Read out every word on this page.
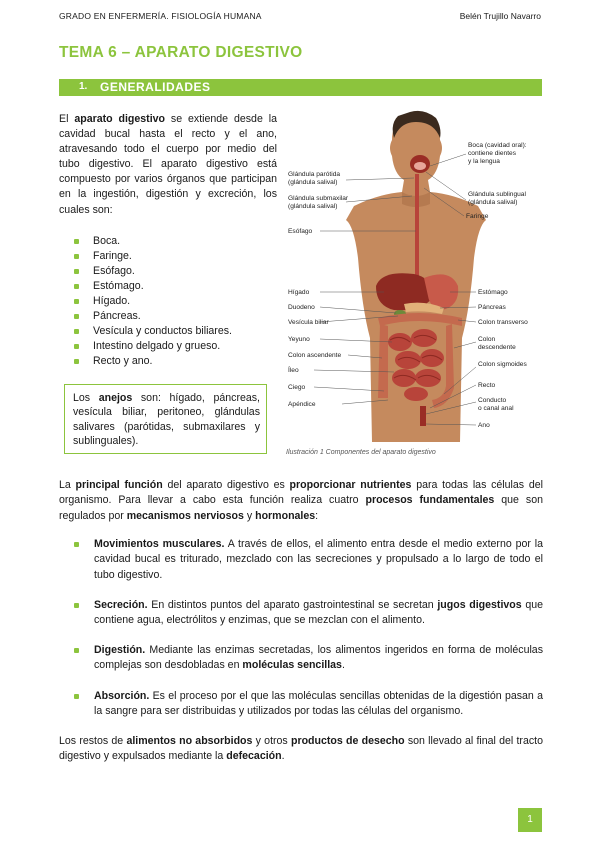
GRADO EN ENFERMERÍA. FISIOLOGÍA HUMANA	Belén Trujillo Navarro
TEMA 6 – APARATO DIGESTIVO
1. GENERALIDADES
El aparato digestivo se extiende desde la cavidad bucal hasta el recto y el ano, atravesando todo el cuerpo por medio del tubo digestivo. El aparato digestivo está compuesto por varios órganos que participan en la ingestión, digestión y excreción, los cuales son:
Boca.
Faringe.
Esófago.
Estómago.
Hígado.
Páncreas.
Vesícula y conductos biliares.
Intestino delgado y grueso.
Recto y ano.
Los anejos son: hígado, páncreas, vesícula biliar, peritoneo, glándulas salivares (parótidas, submaxilares y sublinguales).
Glándula parótida
(glándula salival)
Glándula submaxilar
(glándula salival)
Esófago
Hígado
Duodeno
Vesícula biliar
Yeyuno
Colon ascendente
Íleo
Ciego
Apéndice
Boca (cavidad oral):
contiene dientes
y la lengua
Glándula sublingual
(glándula salival)
Faringe
Estómago
Páncreas
Colon transverso
Colon
descendente
Colon sigmoides
Recto
Conducto
o canal anal
Ano
Ilustración 1 Componentes del aparato digestivo
La principal función del aparato digestivo es proporcionar nutrientes para todas las células del organismo. Para llevar a cabo esta función realiza cuatro procesos fundamentales que son regulados por mecanismos nerviosos y hormonales:
Movimientos musculares. A través de ellos, el alimento entra desde el medio externo por la cavidad bucal es triturado, mezclado con las secreciones y propulsado a lo largo de todo el tubo digestivo.
Secreción. En distintos puntos del aparato gastrointestinal se secretan jugos digestivos que contiene agua, electrólitos y enzimas, que se mezclan con el alimento.
Digestión. Mediante las enzimas secretadas, los alimentos ingeridos en forma de moléculas complejas son desdobladas en moléculas sencillas.
Absorción. Es el proceso por el que las moléculas sencillas obtenidas de la digestión pasan a la sangre para ser distribuidas y utilizados por todas las células del organismo.
Los restos de alimentos no absorbidos y otros productos de desecho son llevado al final del tracto digestivo y expulsados mediante la defecación.
1
